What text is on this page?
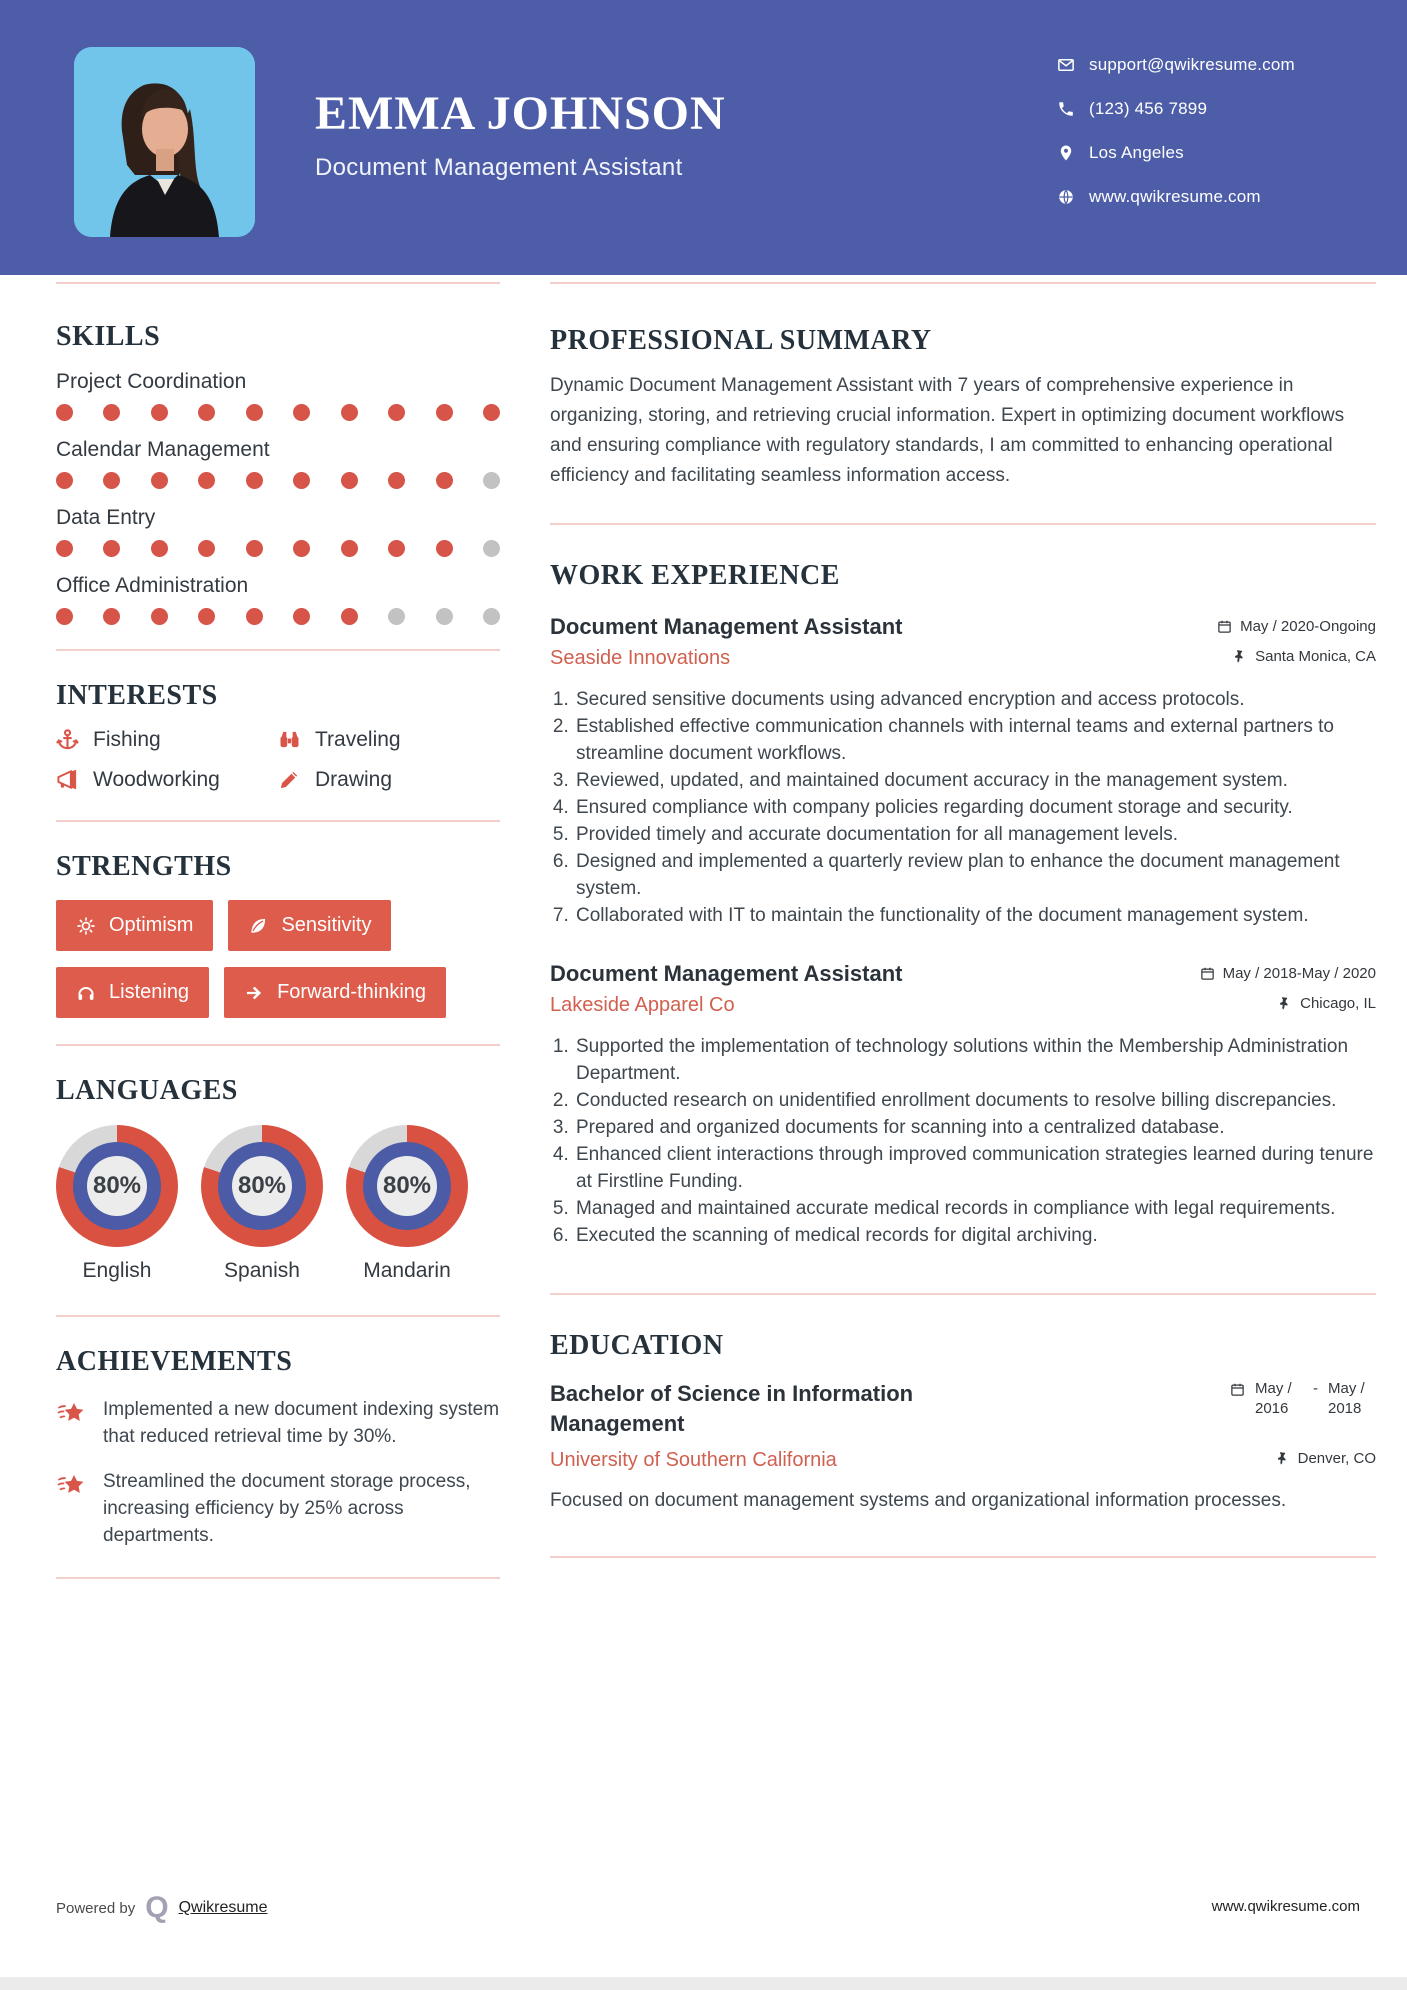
EMMA JOHNSON
Document Management Assistant
support@qwikresume.com
(123) 456 7899
Los Angeles
www.qwikresume.com
SKILLS
Project Coordination
Calendar Management
Data Entry
Office Administration
INTERESTS
Fishing	Traveling
Woodworking	Drawing
STRENGTHS
Optimism	Sensitivity
Listening	Forward-thinking
LANGUAGES
80%	80%	80%
English	Spanish	Mandarin
ACHIEVEMENTS
Implemented a new document indexing system that reduced retrieval time by 30%.
Streamlined the document storage process, increasing efficiency by 25% across departments.
PROFESSIONAL SUMMARY

Dynamic Document Management Assistant with 7 years of comprehensive experience in organizing, storing, and retrieving crucial information. Expert in optimizing document workflows and ensuring compliance with regulatory standards, I am committed to enhancing operational efficiency and facilitating seamless information access.

WORK EXPERIENCE
Document Management Assistant	May / 2020-Ongoing
Seaside Innovations	Santa Monica, CA
1. Secured sensitive documents using advanced encryption and access protocols.
2. Established effective communication channels with internal teams and external partners to streamline document workflows.
3. Reviewed, updated, and maintained document accuracy in the management system.
4. Ensured compliance with company policies regarding document storage and security.
5. Provided timely and accurate documentation for all management levels.
6. Designed and implemented a quarterly review plan to enhance the document management system.
7. Collaborated with IT to maintain the functionality of the document management system.
Document Management Assistant	May / 2018-May / 2020
Lakeside Apparel Co	Chicago, IL
1. Supported the implementation of technology solutions within the Membership Administration Department.
2. Conducted research on unidentified enrollment documents to resolve billing discrepancies.
3. Prepared and organized documents for scanning into a centralized database.
4. Enhanced client interactions through improved communication strategies learned during tenure at Firstline Funding.
5. Managed and maintained accurate medical records in compliance with legal requirements.
6. Executed the scanning of medical records for digital archiving.
EDUCATION
Bachelor of Science in Information Management
May / 2016
- May / 2018
University of Southern California	Denver, CO

Focused on document management systems and organizational information processes.

Powered by Q Qwikresume	www.qwikresume.com
